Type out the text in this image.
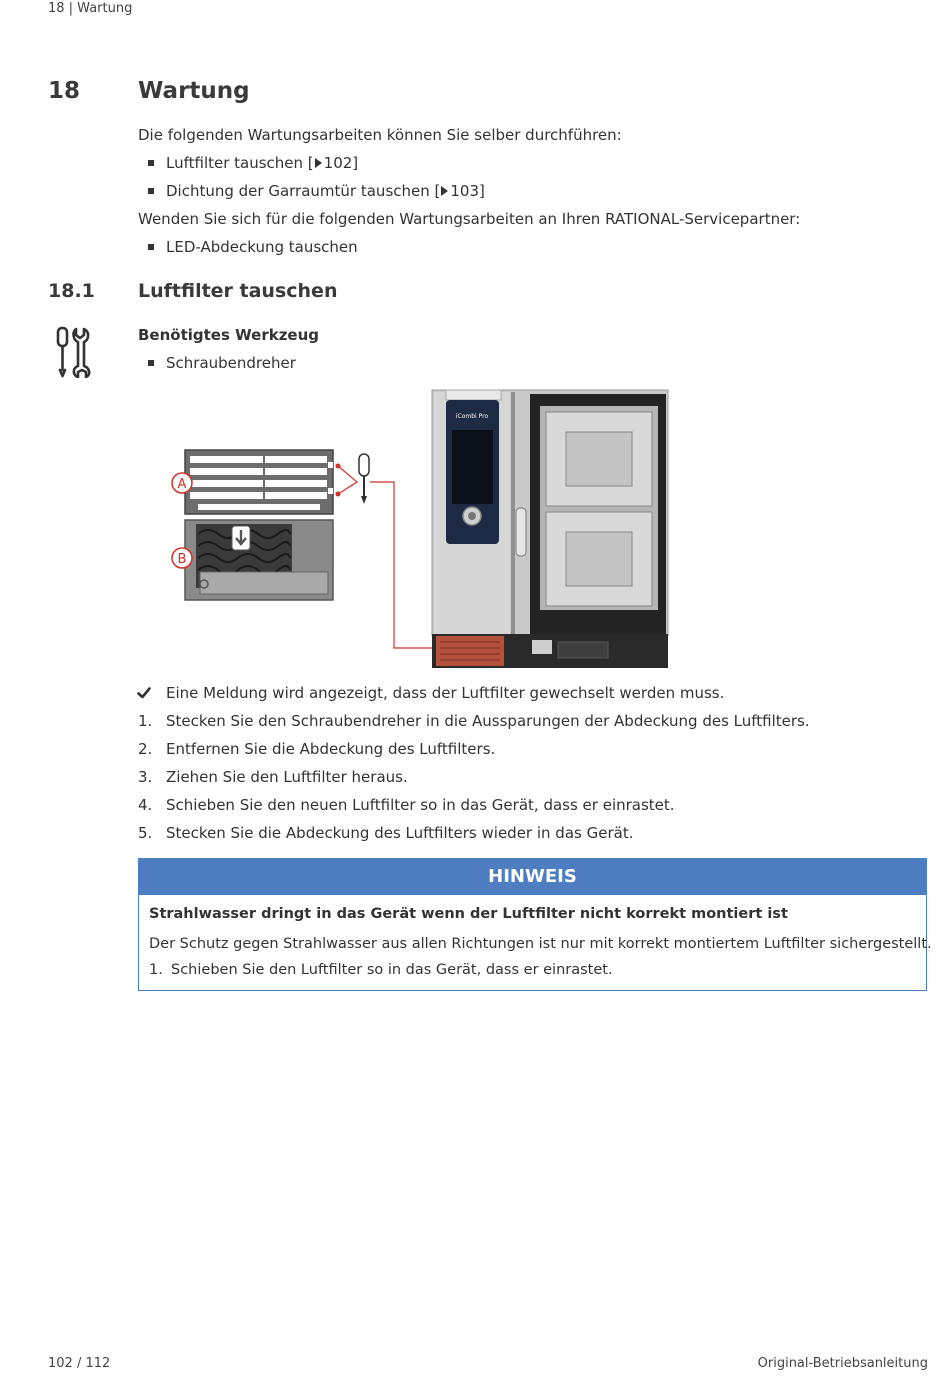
18 | Wartung
18	Wartung
Die folgenden Wartungsarbeiten können Sie selber durchführen:
Luftfilter tauschen [ 102]
Dichtung der Garraumtür tauschen [ 103]
Wenden Sie sich für die folgenden Wartungsarbeiten an Ihren RATIONAL-Servicepartner:
LED-Abdeckung tauschen
18.1 Luftfilter tauschen
Benötigtes Werkzeug
Schraubendreher
A
B
iCombi Pro
Eine Meldung wird angezeigt, dass der Luftfilter gewechselt werden muss.
1. Stecken Sie den Schraubendreher in die Aussparungen der Abdeckung des Luftfilters.
2. Entfernen Sie die Abdeckung des Luftfilters.
3. Ziehen Sie den Luftfilter heraus.
4. Schieben Sie den neuen Luftfilter so in das Gerät, dass er einrastet.
5. Stecken Sie die Abdeckung des Luftfilters wieder in das Gerät.
HINWEIS
Strahlwasser dringt in das Gerät wenn der Luftfilter nicht korrekt montiert ist
Der Schutz gegen Strahlwasser aus allen Richtungen ist nur mit korrekt montiertem Luftfilter sichergestellt.
1. Schieben Sie den Luftfilter so in das Gerät, dass er einrastet.
102 / 112	Original-Betriebsanleitung
